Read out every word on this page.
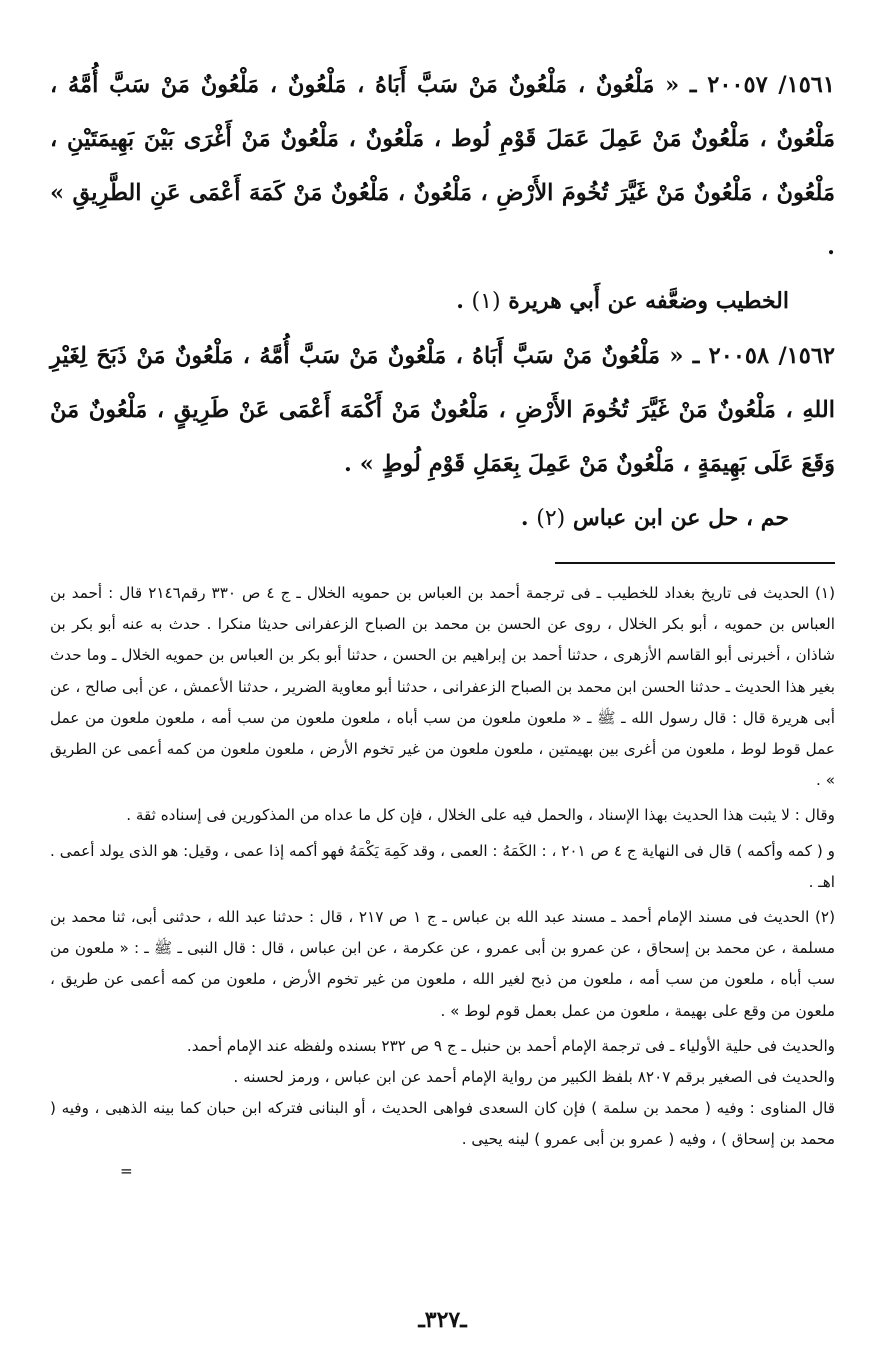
١٥٦١/ ٢٠٠٥٧ ـ « مَلْعُونٌ ، مَلْعُونٌ مَنْ سَبَّ أَبَاهُ ، مَلْعُونٌ ، مَلْعُونٌ مَنْ سَبَّ أُمَّهُ ، مَلْعُونٌ ، مَلْعُونٌ مَنْ عَمِلَ عَمَلَ قَوْمِ لُوط ، مَلْعُونٌ ، مَلْعُونٌ مَنْ أَغْرَى بَيْنَ بَهِيمَتَيْنِ ، مَلْعُونٌ ، مَلْعُونٌ مَنْ غَيَّرَ تُخُومَ الأَرْضِ ، مَلْعُونٌ ، مَلْعُونٌ مَنْ كَمَهَ أَعْمَى عَنِ الطَّرِيقِ » .

الخطيب وضعَّفه عن أَبي هريرة (١) .

١٥٦٢/ ٢٠٠٥٨ ـ « مَلْعُونٌ مَنْ سَبَّ أَبَاهُ ، مَلْعُونٌ مَنْ سَبَّ أُمَّهُ ، مَلْعُونٌ مَنْ ذَبَحَ لِغَيْرِ اللهِ ، مَلْعُونٌ مَنْ غَيَّرَ تُخُومَ الأَرْضِ ، مَلْعُونٌ مَنْ أَكْمَهَ أَعْمَى عَنْ طَرِيقٍ ، مَلْعُونٌ مَنْ وَقَعَ عَلَى بَهِيمَةٍ ، مَلْعُونٌ مَنْ عَمِلَ بِعَمَلِ قَوْمِ لُوطٍ » .

حم ، حل عن ابن عباس (٢) .

(١) الحديث فى تاريخ بغداد للخطيب ـ فى ترجمة أحمد بن العباس بن حمويه الخلال ـ ج ٤ ص ٣٣٠ رقم٢١٤٦ قال : أحمد بن العباس بن حمويه ، أبو بكر الخلال ، روى عن الحسن بن محمد بن الصباح الزعفرانى حديثا منكرا . حدث به عنه أبو بكر بن شاذان ، أخبرنى أبو القاسم الأزهرى ، حدثنا أحمد بن إبراهيم بن الحسن ، حدثنا أبو بكر بن العباس بن حمويه الخلال ـ وما حدث بغير هذا الحديث ـ حدثنا الحسن ابن محمد بن الصباح الزعفرانى ، حدثنا أبو معاوية الضرير ، حدثنا الأعمش ، عن أبى صالح ، عن أبى هريرة قال : قال رسول الله ـ ﷺ ـ « ملعون ملعون من سب أباه ، ملعون ملعون من سب أمه ، ملعون ملعون من عمل عمل قوط لوط ، ملعون من أغرى بين بهيمتين ، ملعون ملعون من غير تخوم الأرض ، ملعون ملعون من كمه أعمى عن الطريق » .

وقال : لا يثبت هذا الحديث بهذا الإسناد ، والحمل فيه على الخلال ، فإن كل ما عداه من المذكورين فى إسناده ثقة .

و ( كمه وأكمه ) قال فى النهاية ج ٤ ص ٢٠١ ، : الكَمَهُ : العمى ، وقد كَمِهَ يَكْمَهُ فهو أكمه إذا عمى ، وقيل: هو الذى يولد أعمى . اهـ .

(٢) الحديث فى مسند الإمام أحمد ـ مسند عبد الله بن عباس ـ ج ١ ص ٢١٧ ، قال : حدثنا عبد الله ، حدثنى أبى، ثنا محمد بن مسلمة ، عن محمد بن إسحاق ، عن عمرو بن أبى عمرو ، عن عكرمة ، عن ابن عباس ، قال : قال النبى ـ ﷺ ـ : « ملعون من سب أباه ، ملعون من سب أمه ، ملعون من ذبح لغير الله ، ملعون من غير تخوم الأرض ، ملعون من كمه أعمى عن طريق ، ملعون من وقع على بهيمة ، ملعون من عمل بعمل قوم لوط » .

والحديث فى حلية الأولياء ـ فى ترجمة الإمام أحمد بن حنبل ـ ج ٩ ص ٢٣٢ بسنده ولفظه عند الإمام أحمد.

والحديث فى الصغير برقم ٨٢٠٧ بلفظ الكبير من رواية الإمام أحمد عن ابن عباس ، ورمز لحسنه .

قال المناوى : وفيه ( محمد بن سلمة ) فإن كان السعدى فواهى الحديث ، أو البنانى فتركه ابن حبان كما بينه الذهبى ، وفيه ( محمد بن إسحاق ) ، وفيه ( عمرو بن أبى عمرو ) لينه يحيى .

=

ـ٣٢٧ـ
